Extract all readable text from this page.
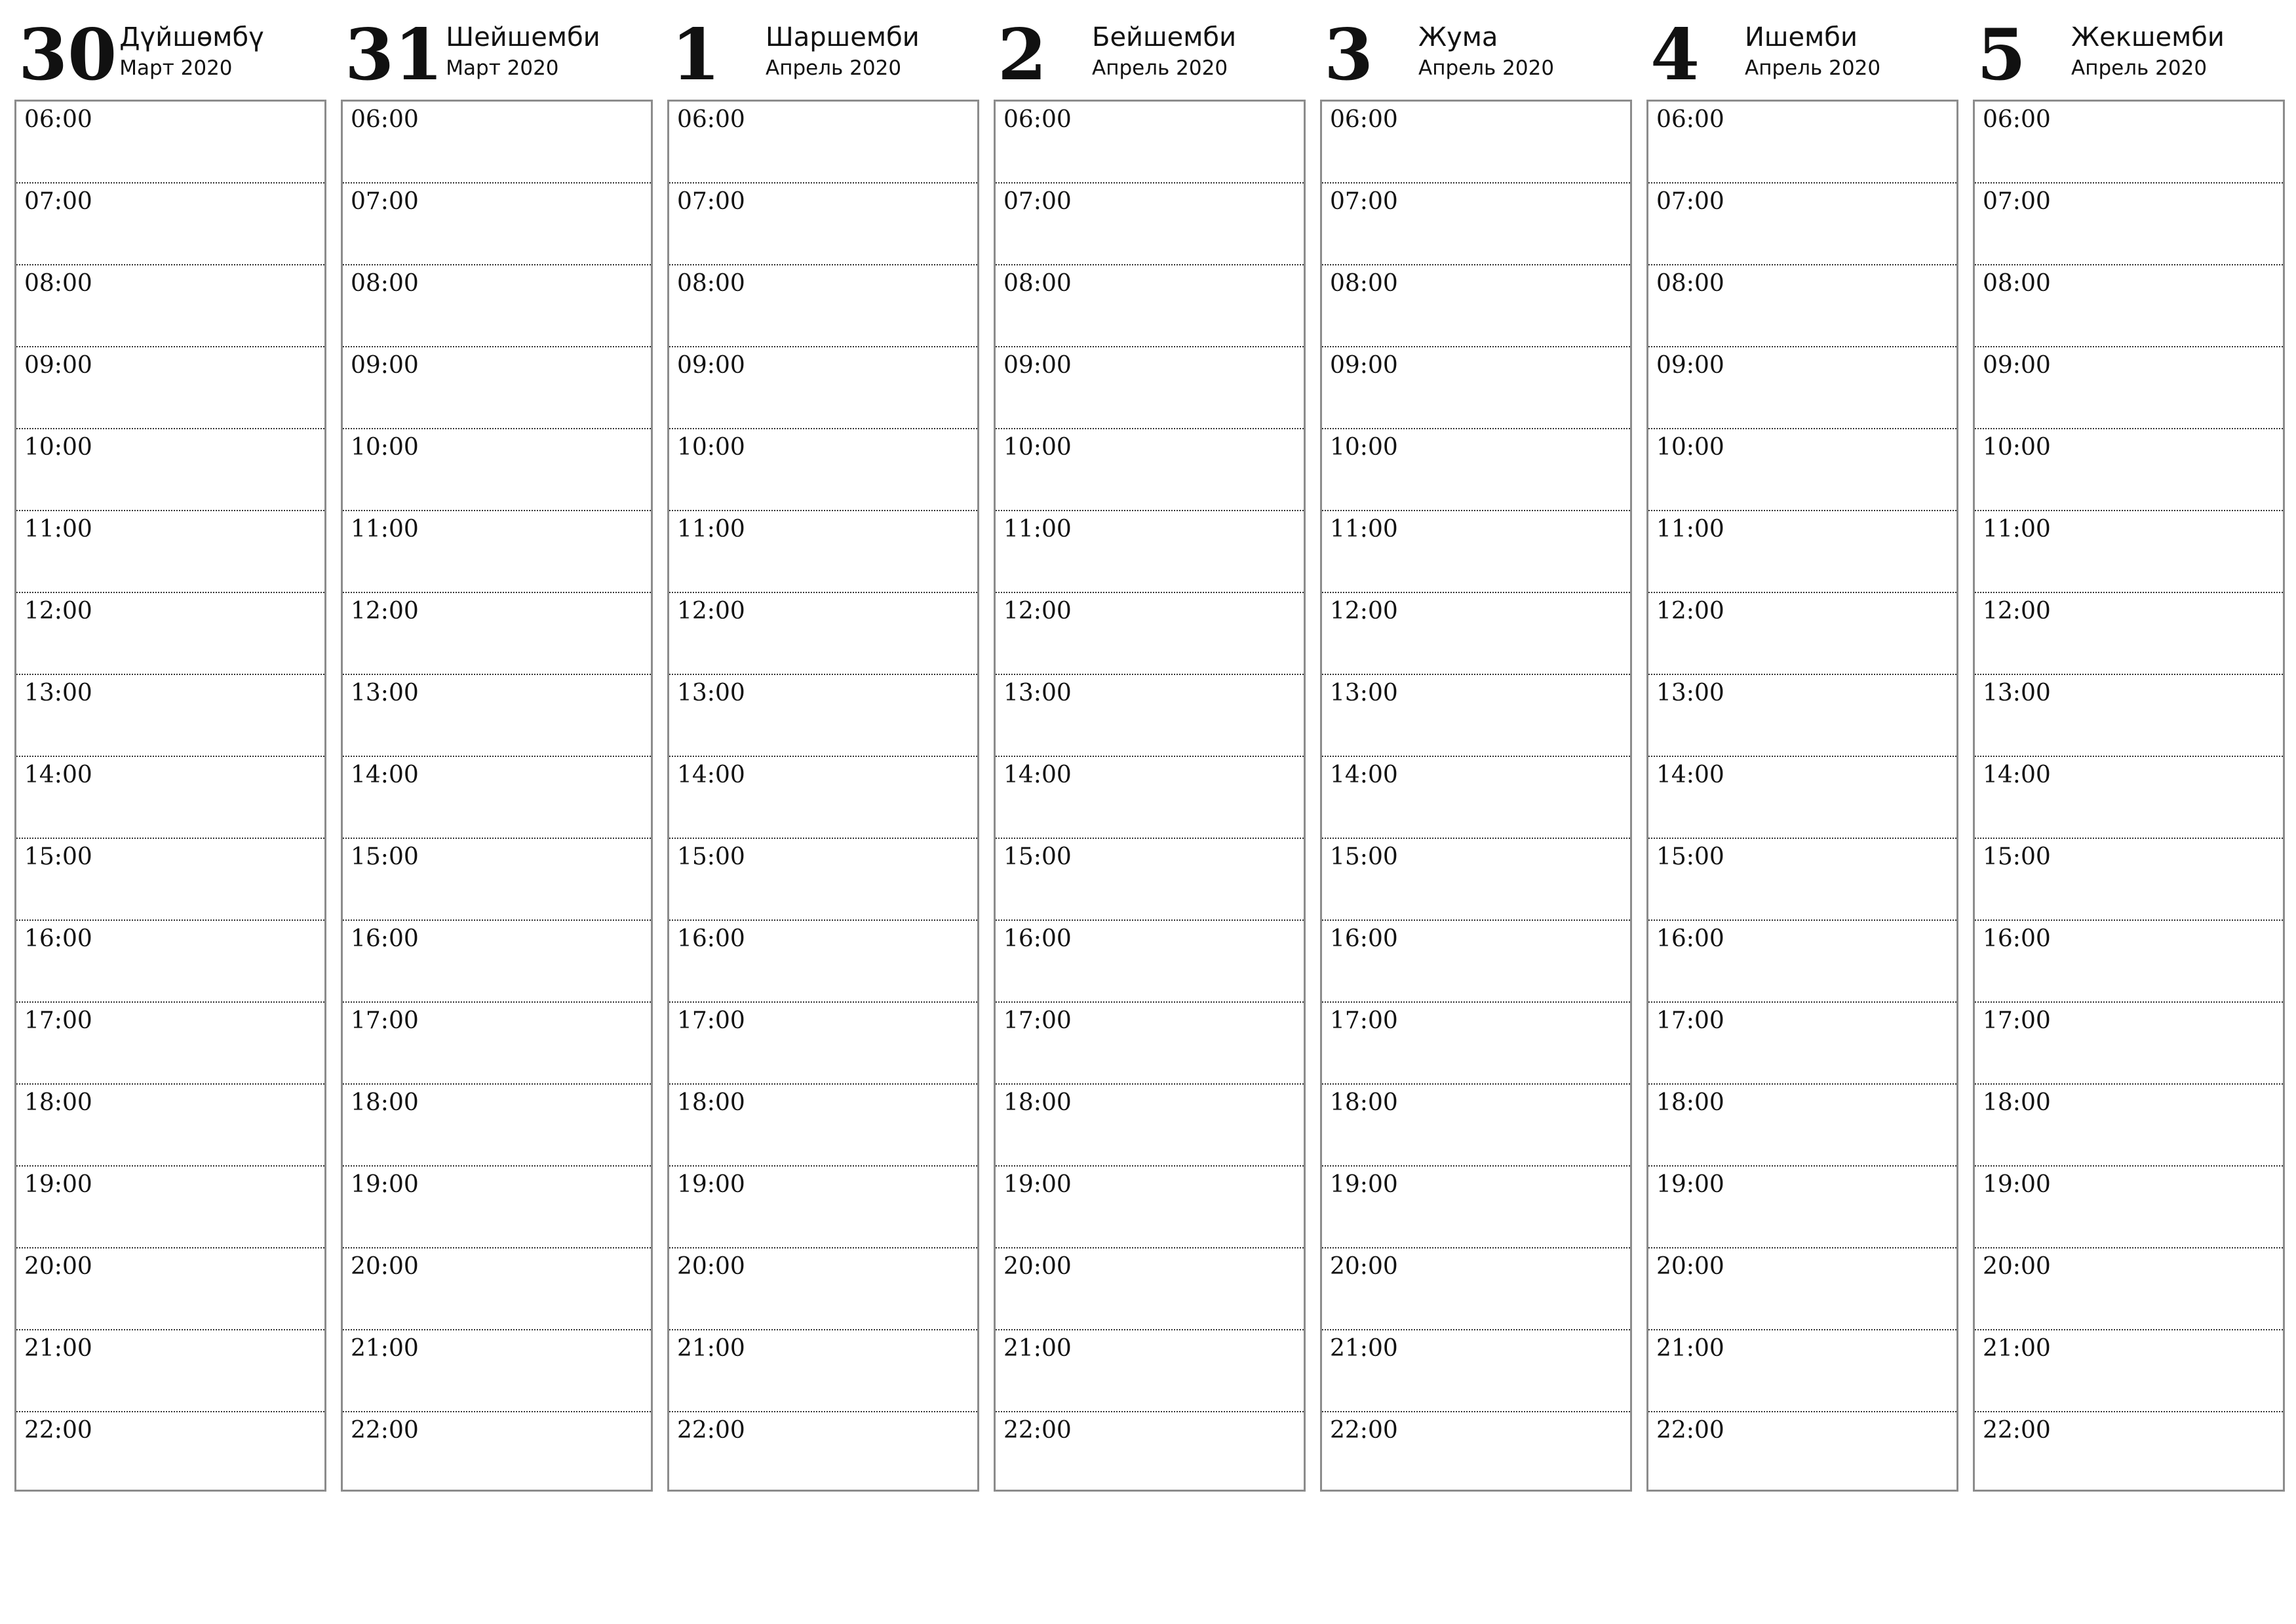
30 Дүйшөмбү
Март 2020
06:00
07:00
08:00
09:00
10:00
11:00
12:00
13:00
14:00
15:00
16:00
17:00
18:00
19:00
20:00
21:00
22:00
31 Шейшемби
Март 2020
06:00
07:00
08:00
09:00
10:00
11:00
12:00
13:00
14:00
15:00
16:00
17:00
18:00
19:00
20:00
21:00
22:00
1	Шаршемби
Апрель 2020
06:00
07:00
08:00
09:00
10:00
11:00
12:00
13:00
14:00
15:00
16:00
17:00
18:00
19:00
20:00
21:00
22:00
2	Бейшемби
Апрель 2020
06:00
07:00
08:00
09:00
10:00
11:00
12:00
13:00
14:00
15:00
16:00
17:00
18:00
19:00
20:00
21:00
22:00
3	Жума
Апрель 2020
06:00
07:00
08:00
09:00
10:00
11:00
12:00
13:00
14:00
15:00
16:00
17:00
18:00
19:00
20:00
21:00
22:00
4	Ишемби
Апрель 2020
06:00
07:00
08:00
09:00
10:00
11:00
12:00
13:00
14:00
15:00
16:00
17:00
18:00
19:00
20:00
21:00
22:00
5	Жекшемби
Апрель 2020
06:00
07:00
08:00
09:00
10:00
11:00
12:00
13:00
14:00
15:00
16:00
17:00
18:00
19:00
20:00
21:00
22:00
